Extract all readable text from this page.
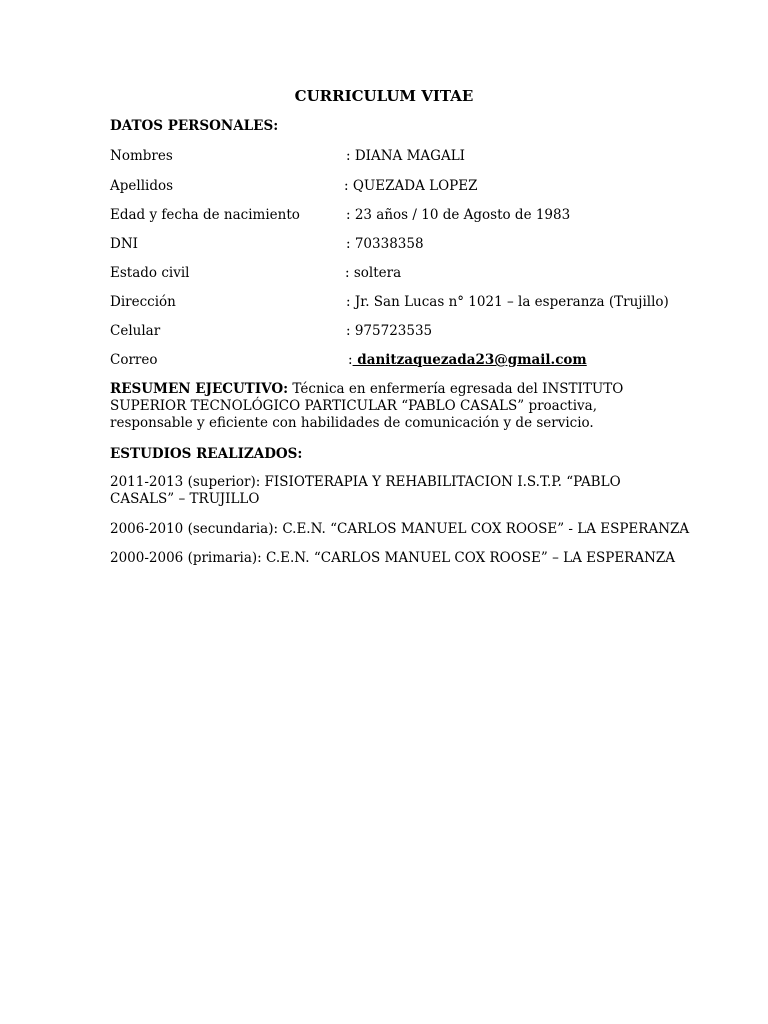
CURRICULUM VITAE
DATOS PERSONALES:
Nombres	: DIANA MAGALI
Apellidos	: QUEZADA LOPEZ
Edad y fecha de nacimiento	: 23 años / 10 de Agosto de 1983
DNI	: 70338358
Estado civil	: soltera
Dirección	: Jr. San Lucas n° 1021 – la esperanza (Trujillo)
Celular	: 975723535
Correo	: danitzaquezada23@gmail.com
RESUMEN EJECUTIVO: Técnica en enfermería egresada del INSTITUTO SUPERIOR TECNOLÓGICO PARTICULAR “PABLO CASALS” proactiva, responsable y eficiente con habilidades de comunicación y de servicio.
ESTUDIOS REALIZADOS:
2011-2013 (superior): FISIOTERAPIA Y REHABILITACION I.S.T.P. “PABLO CASALS” – TRUJILLO
2006-2010 (secundaria): C.E.N. “CARLOS MANUEL COX ROOSE” - LA ESPERANZA
2000-2006 (primaria): C.E.N. “CARLOS MANUEL COX ROOSE” – LA ESPERANZA
